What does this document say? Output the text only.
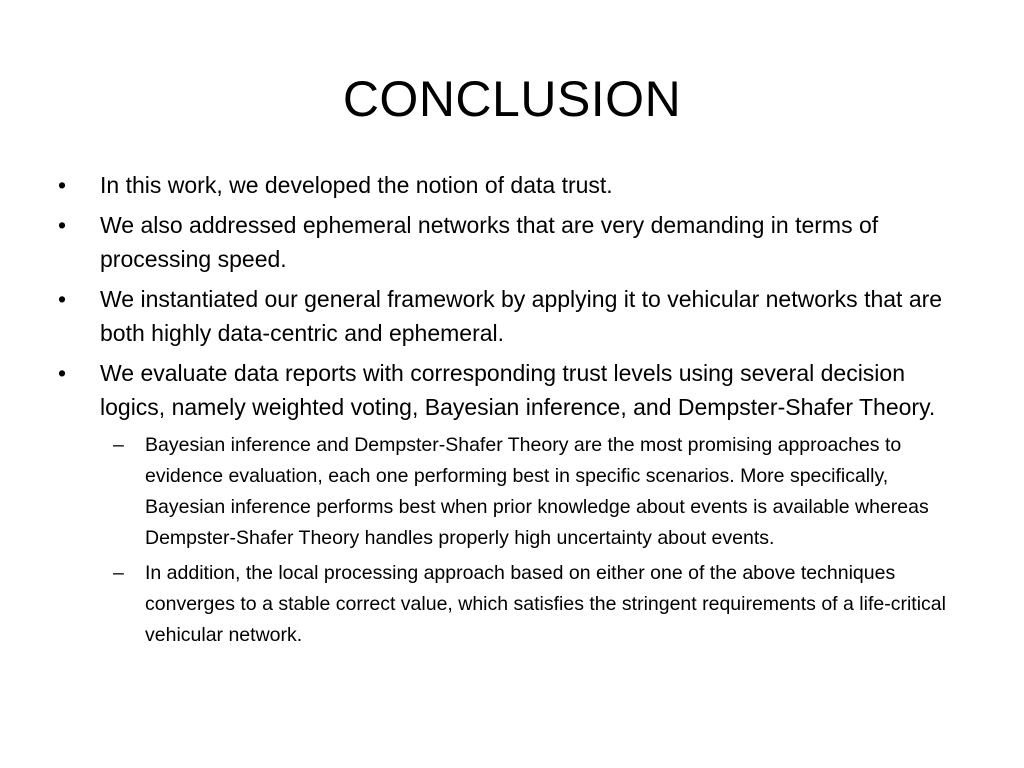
CONCLUSION
•	In this work, we developed the notion of data trust.
•	We also addressed ephemeral networks that are very demanding in terms of processing speed.
•	We instantiated our general framework by applying it to vehicular networks that are both highly data-centric and ephemeral.
•	We evaluate data reports with corresponding trust levels using several decision logics, namely weighted voting, Bayesian inference, and Dempster-Shafer Theory.
– Bayesian inference and Dempster-Shafer Theory are the most promising approaches to evidence evaluation, each one performing best in specific scenarios. More specifically, Bayesian inference performs best when prior knowledge about events is available whereas Dempster-Shafer Theory handles properly high uncertainty about events.
– In addition, the local processing approach based on either one of the above techniques converges to a stable correct value, which satisfies the stringent requirements of a life-critical vehicular network.
